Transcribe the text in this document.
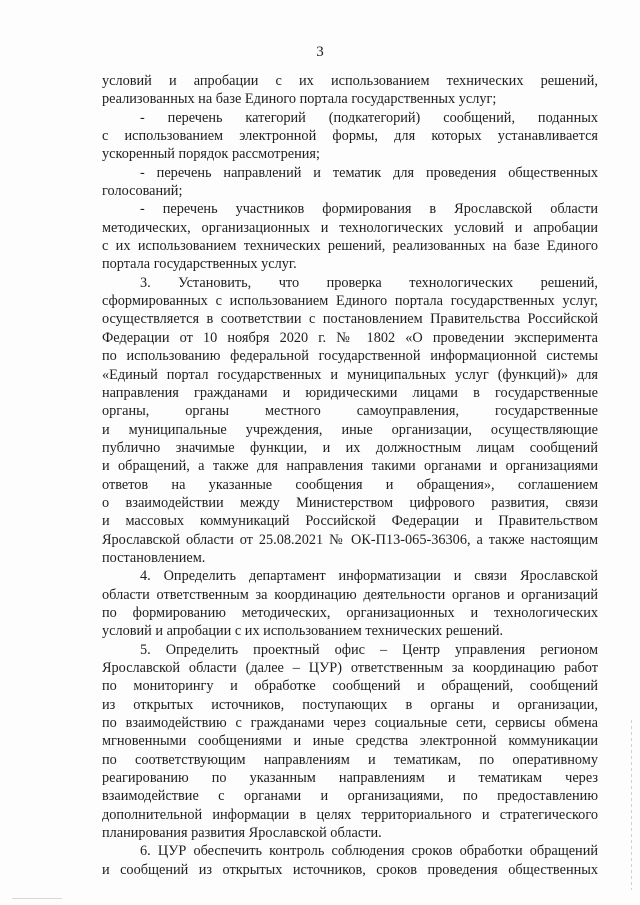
3
условий и апробации с их использованием технических решений,
реализованных на базе Единого портала государственных услуг;
- перечень категорий (подкатегорий) сообщений, поданных
с использованием электронной формы, для которых устанавливается
ускоренный порядок рассмотрения;
- перечень направлений и тематик для проведения общественных
голосований;
- перечень участников формирования в Ярославской области
методических, организационных и технологических условий и апробации
с их использованием технических решений, реализованных на базе Единого
портала государственных услуг.
3. Установить, что проверка технологических решений,
сформированных с использованием Единого портала государственных услуг,
осуществляется в соответствии с постановлением Правительства Российской
Федерации от 10 ноября 2020 г. № 1802 «О проведении эксперимента
по использованию федеральной государственной информационной системы
«Единый портал государственных и муниципальных услуг (функций)» для
направления гражданами и юридическими лицами в государственные
органы, органы местного самоуправления, государственные
и муниципальные учреждения, иные организации, осуществляющие
публично значимые функции, и их должностным лицам сообщений
и обращений, а также для направления такими органами и организациями
ответов на указанные сообщения и обращения», соглашением
о взаимодействии между Министерством цифрового развития, связи
и массовых коммуникаций Российской Федерации и Правительством
Ярославской области от 25.08.2021 № ОК-П13-065-36306, а также настоящим
постановлением.
4. Определить департамент информатизации и связи Ярославской
области ответственным за координацию деятельности органов и организаций
по формированию методических, организационных и технологических
условий и апробации с их использованием технических решений.
5. Определить проектный офис – Центр управления регионом
Ярославской области (далее – ЦУР) ответственным за координацию работ
по мониторингу и обработке сообщений и обращений, сообщений
из открытых источников, поступающих в органы и организации,
по взаимодействию с гражданами через социальные сети, сервисы обмена
мгновенными сообщениями и иные средства электронной коммуникации
по соответствующим направлениям и тематикам, по оперативному
реагированию по указанным направлениям и тематикам через
взаимодействие с органами и организациями, по предоставлению
дополнительной информации в целях территориального и стратегического
планирования развития Ярославской области.
6. ЦУР обеспечить контроль соблюдения сроков обработки обращений
и сообщений из открытых источников, сроков проведения общественных
